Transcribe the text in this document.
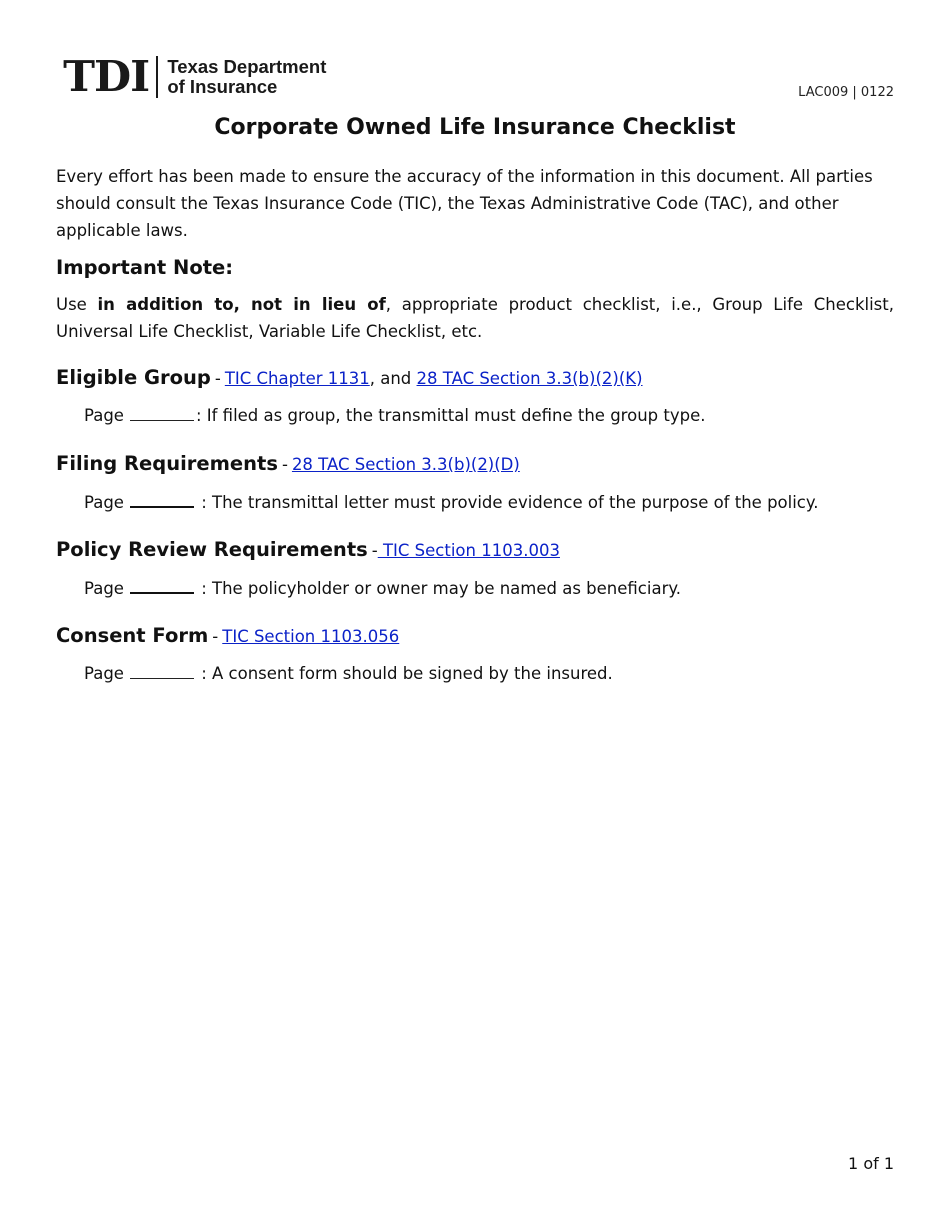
TDI Texas Department
of Insurance	LAC009 | 0122
Corporate Owned Life Insurance Checklist

Every effort has been made to ensure the accuracy of the information in this document. All parties should consult the Texas Insurance Code (TIC), the Texas Administrative Code (TAC), and other applicable laws.

Important Note:

Use in addition to, not in lieu of, appropriate product checklist, i.e., Group Life Checklist, Universal Life Checklist, Variable Life Checklist, etc.

Eligible Group - TIC Chapter 1131, and 28 TAC Section 3.3(b)(2)(K)

Page	: If filed as group, the transmittal must define the group type.

Filing Requirements - 28 TAC Section 3.3(b)(2)(D)

Page	: The transmittal letter must provide evidence of the purpose of the policy.

Policy Review Requirements - TIC Section 1103.003

Page	: The policyholder or owner may be named as beneficiary.

Consent Form - TIC Section 1103.056

Page	: A consent form should be signed by the insured.

1 of 1
